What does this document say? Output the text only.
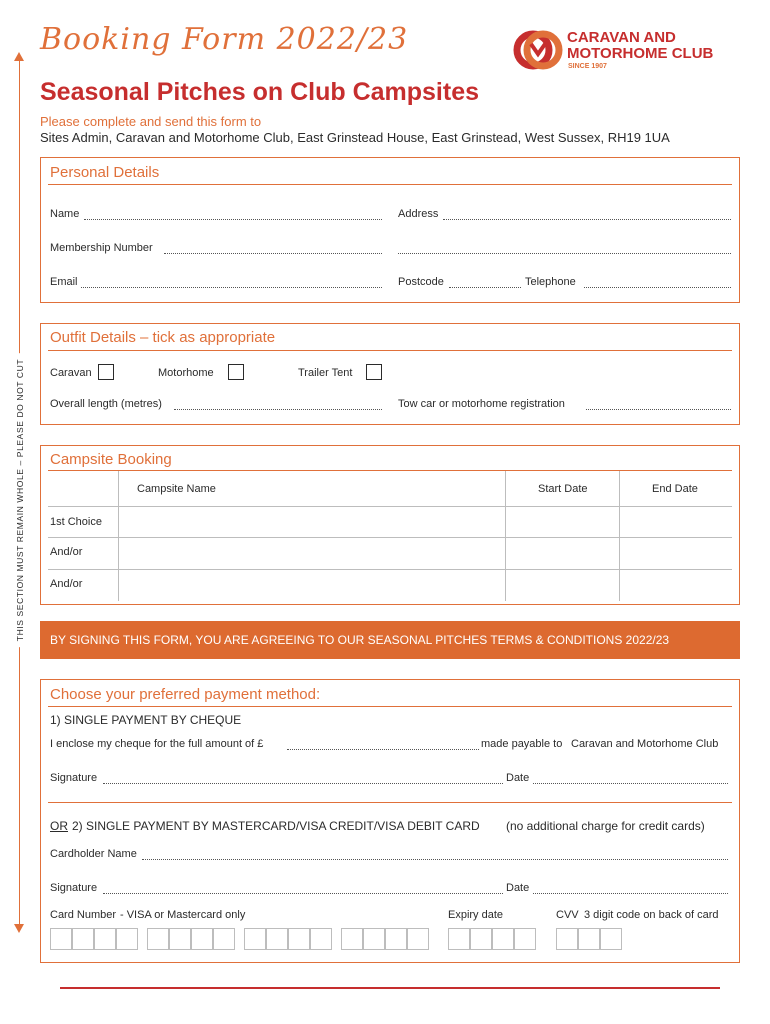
Booking Form 2022/23
Seasonal Pitches on Club Campsites
Please complete and send this form to
Sites Admin, Caravan and Motorhome Club, East Grinstead House, East Grinstead, West Sussex, RH19 1UA
CARAVAN AND
MOTORHOME CLUB
SINCE 1907
THIS SECTION MUST REMAIN WHOLE – PLEASE DO NOT CUT
Personal Details
Name	Address
Membership Number
Email	Postcode	Telephone
Outfit Details – tick as appropriate
Caravan	Motorhome	Trailer Tent
Overall length (metres)	Tow car or motorhome registration
Campsite Booking
Campsite Name	Start Date	End Date
1st Choice
And/or
And/or
BY SIGNING THIS FORM, YOU ARE AGREEING TO OUR SEASONAL PITCHES TERMS & CONDITIONS 2022/23
Choose your preferred payment method:
1) SINGLE PAYMENT BY CHEQUE
I enclose my cheque for the full amount of £	made payable to Caravan and Motorhome Club
Signature	Date
OR 2) SINGLE PAYMENT BY MASTERCARD/VISA CREDIT/VISA DEBIT CARD (no additional charge for credit cards)
Cardholder Name
Signature	Date
Card Number - VISA or Mastercard only	Expiry date	CVV 3 digit code on back of card
